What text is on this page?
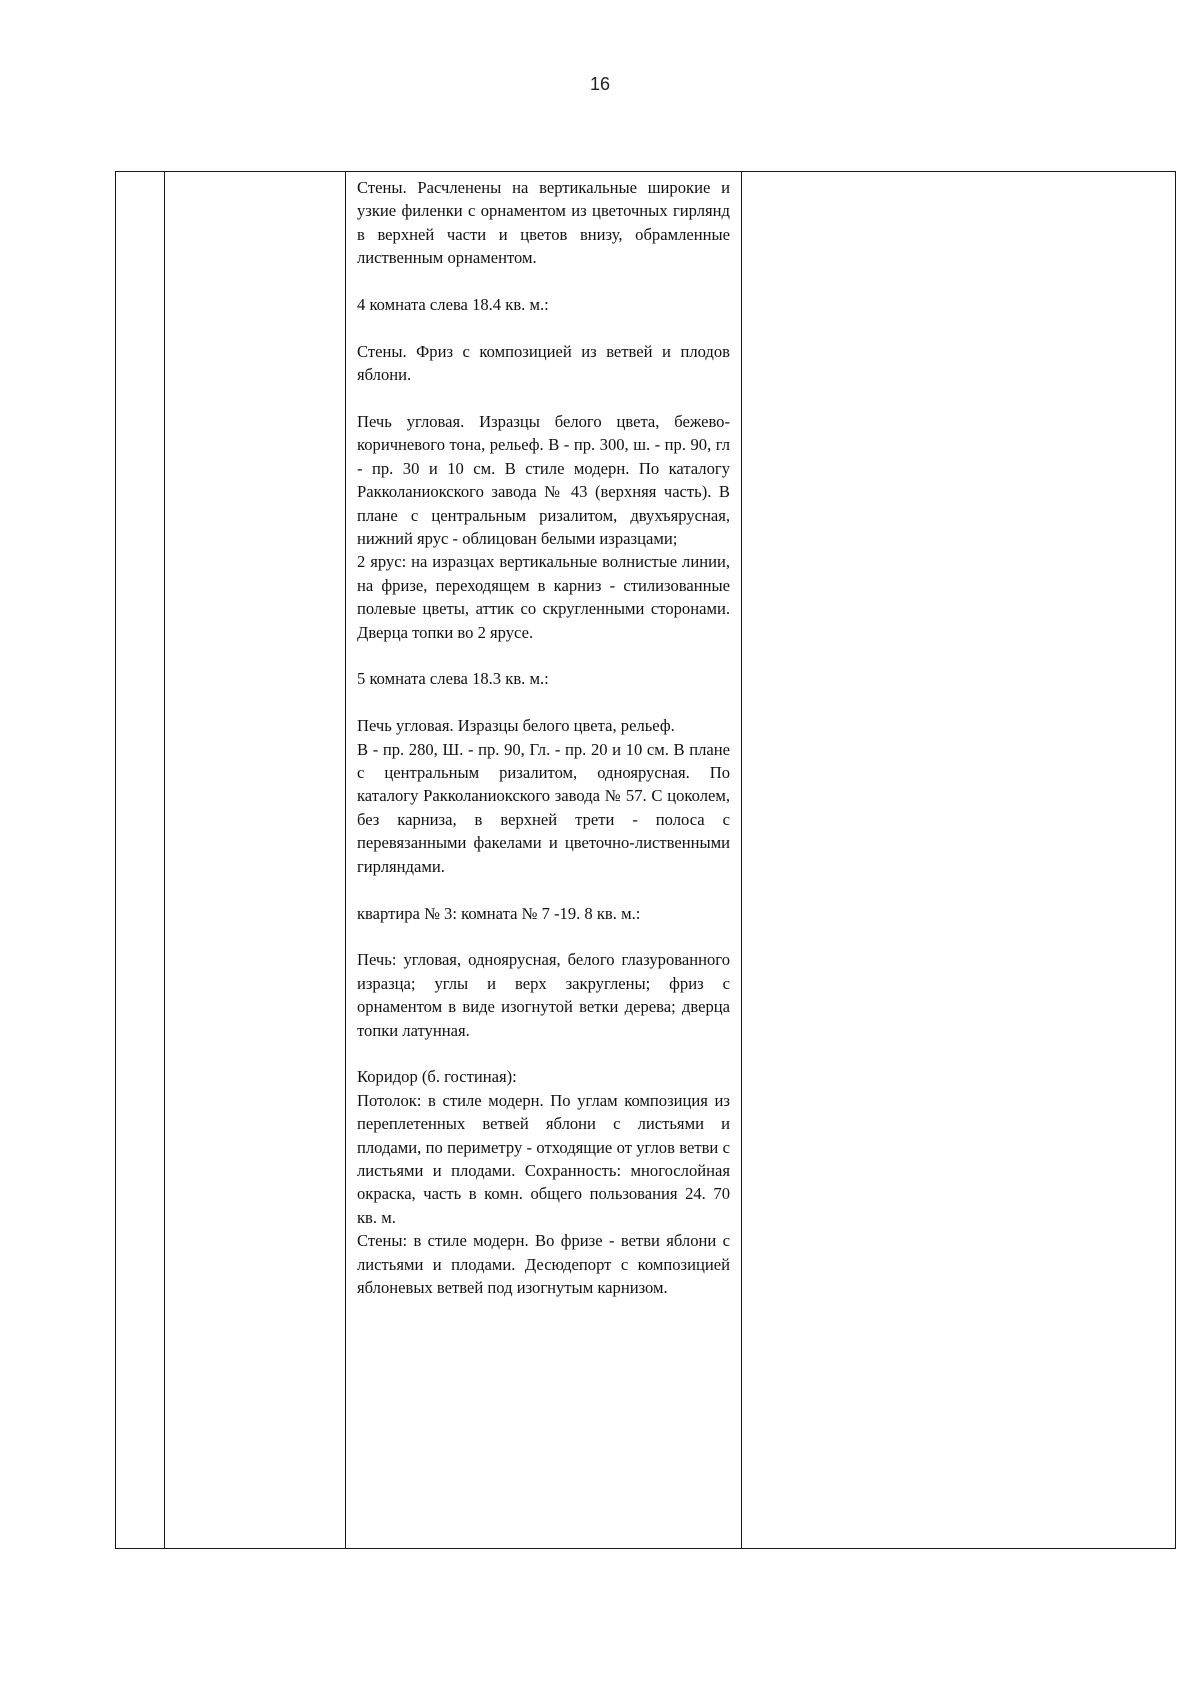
16

Стены. Расчленены на вертикальные широкие и узкие филенки с орнаментом из цветочных гирлянд в верхней части и цветов внизу, обрамленные лиственным орнаментом.

4 комната слева 18.4 кв. м.:

Стены. Фриз с композицией из ветвей и плодов яблони.

Печь угловая. Изразцы белого цвета, бежево-коричневого тона, рельеф. В - пр. 300, ш. - пр. 90, гл - пр. 30 и 10 см. В стиле модерн. По каталогу Ракколаниокского завода № 43 (верхняя часть). В плане с центральным ризалитом, двухъярусная, нижний ярус - облицован белыми изразцами;

2 ярус: на изразцах вертикальные волнистые линии, на фризе, переходящем в карниз - стилизованные полевые цветы, аттик со скругленными сторонами. Дверца топки во 2 ярусе.

5 комната слева 18.3 кв. м.:

Печь угловая. Изразцы белого цвета, рельеф.

В - пр. 280, Ш. - пр. 90, Гл. - пр. 20 и 10 см. В плане с центральным ризалитом, одноярусная. По каталогу Ракколаниокского завода № 57. С цоколем, без карниза, в верхней трети - полоса с перевязанными факелами и цветочно-лиственными гирляндами.

квартира № 3: комната № 7 -19. 8 кв. м.:

Печь: угловая, одноярусная, белого глазурованного изразца; углы и верх закруглены; фриз с орнаментом в виде изогнутой ветки дерева; дверца топки латунная.

Коридор (б. гостиная):

Потолок: в стиле модерн. По углам композиция из переплетенных ветвей яблони с листьями и плодами, по периметру - отходящие от углов ветви с листьями и плодами. Сохранность: многослойная окраска, часть в комн. общего пользования 24. 70 кв. м.

Стены: в стиле модерн. Во фризе - ветви яблони с листьями и плодами. Десюдепорт с композицией яблоневых ветвей под изогнутым карнизом.
